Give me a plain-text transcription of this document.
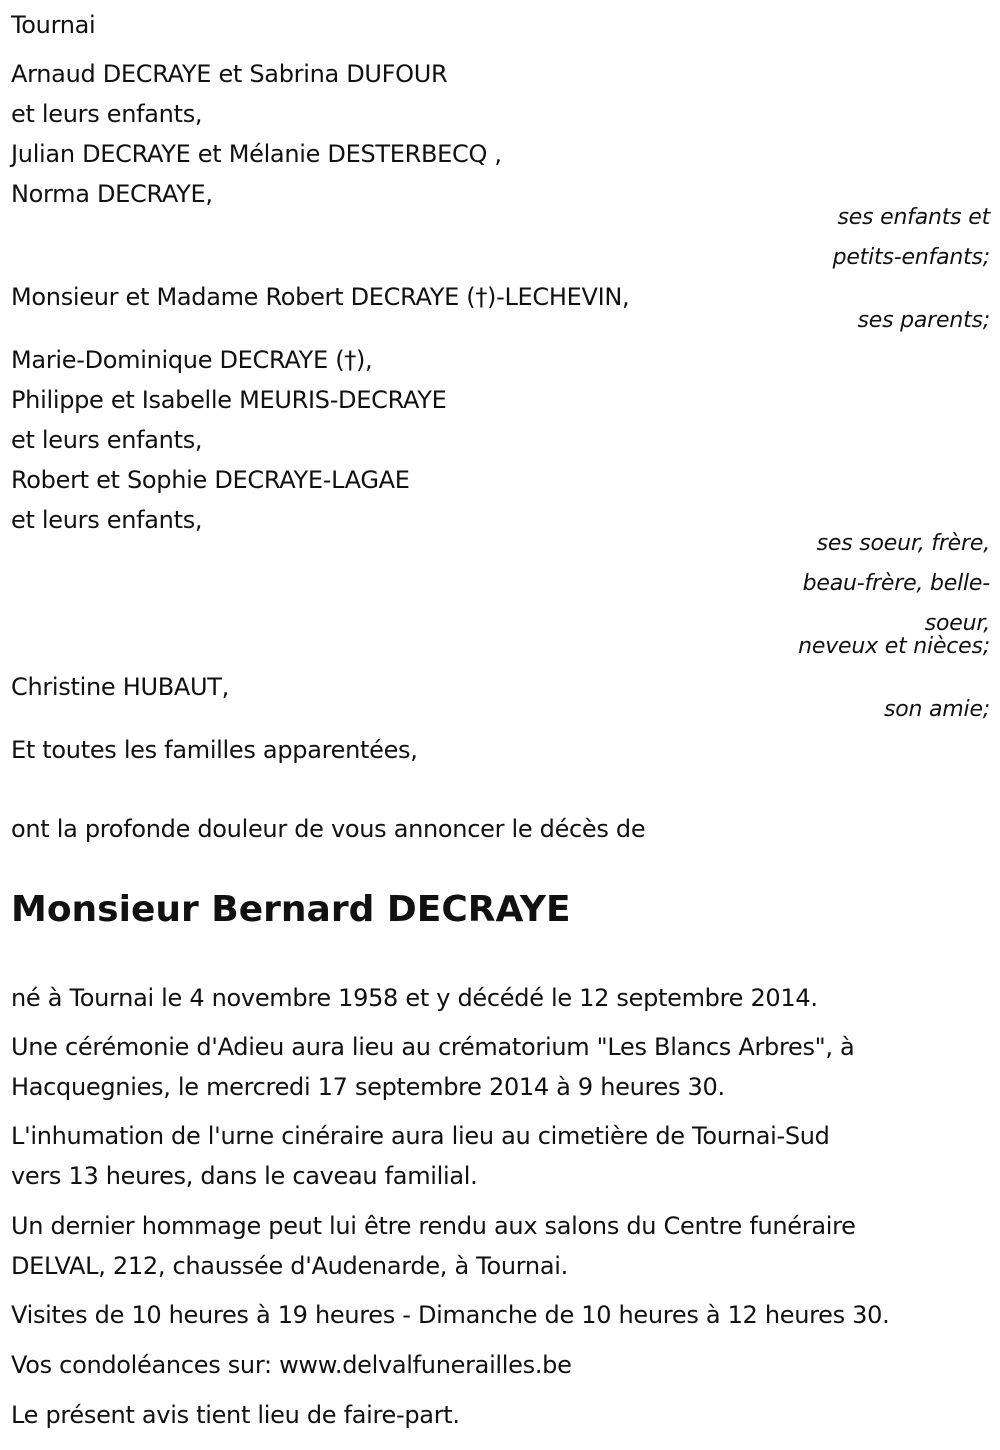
Tournai
Arnaud DECRAYE et Sabrina DUFOUR
et leurs enfants,
Julian DECRAYE et Mélanie DESTERBECQ ,
Norma DECRAYE,
ses enfants et
petits-enfants;
Monsieur et Madame Robert DECRAYE (†)-LECHEVIN,
ses parents;
Marie-Dominique DECRAYE (†),
Philippe et Isabelle MEURIS-DECRAYE
et leurs enfants,
Robert et Sophie DECRAYE-LAGAE
et leurs enfants,
ses soeur, frère,
beau-frère, belle-
soeur,
neveux et nièces;
Christine HUBAUT,
son amie;
Et toutes les familles apparentées,
ont la profonde douleur de vous annoncer le décès de
Monsieur Bernard DECRAYE
né à Tournai le 4 novembre 1958 et y décédé le 12 septembre 2014.
Une cérémonie d'Adieu aura lieu au crématorium "Les Blancs Arbres", à
Hacquegnies, le mercredi 17 septembre 2014 à 9 heures 30.
L'inhumation de l'urne cinéraire aura lieu au cimetière de Tournai-Sud
vers 13 heures, dans le caveau familial.
Un dernier hommage peut lui être rendu aux salons du Centre funéraire
DELVAL, 212, chaussée d'Audenarde, à Tournai.
Visites de 10 heures à 19 heures - Dimanche de 10 heures à 12 heures 30.
Vos condoléances sur: www.delvalfunerailles.be
Le présent avis tient lieu de faire-part.
